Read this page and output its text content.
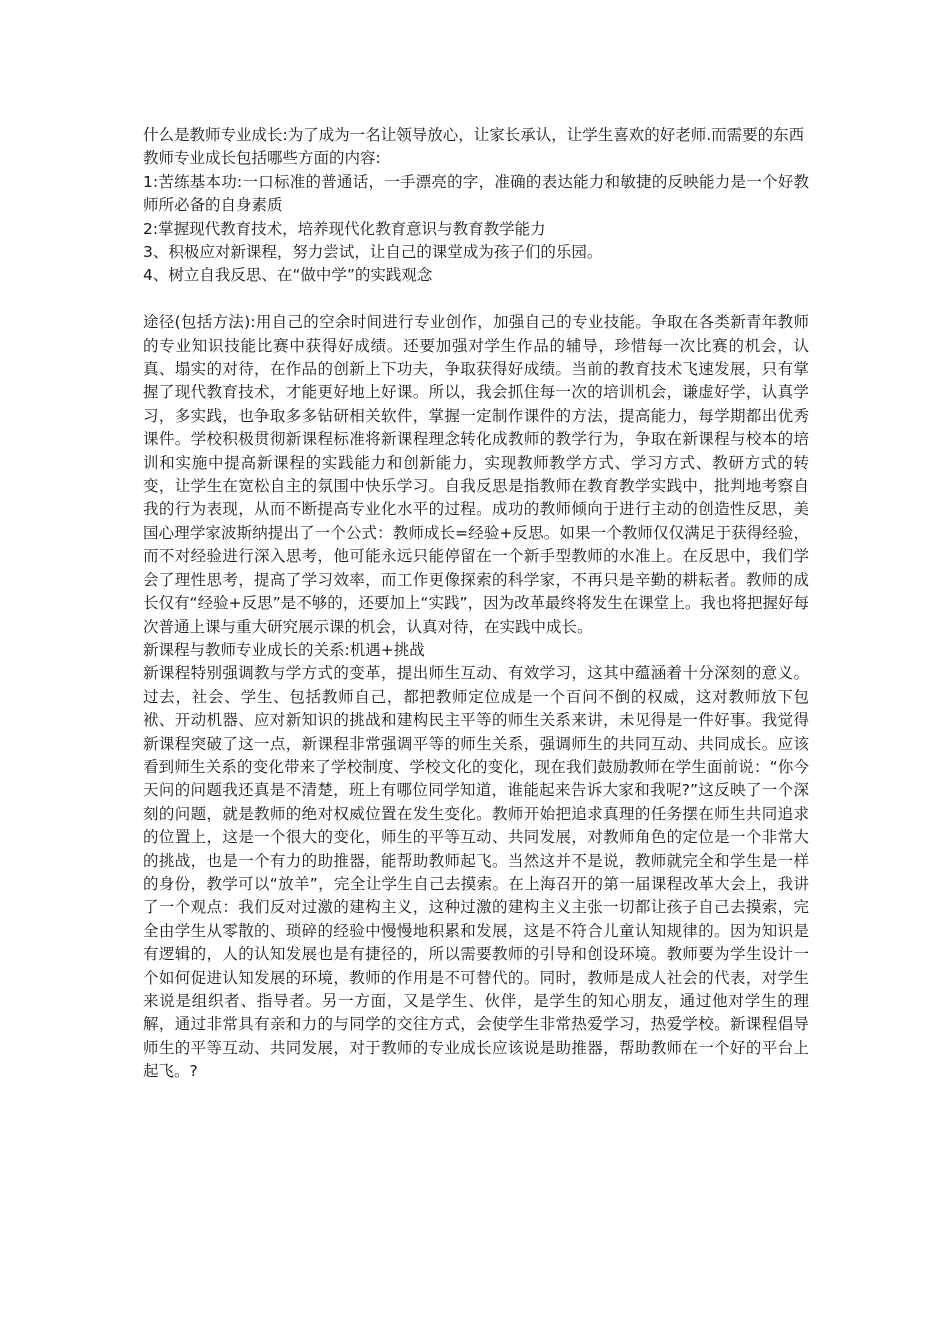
什么是教师专业成长:为了成为一名让领导放心，让家长承认，让学生喜欢的好老师.而需要的东西

教师专业成长包括哪些方面的内容:

1:苦练基本功:一口标准的普通话，一手漂亮的字，准确的表达能力和敏捷的反映能力是一个好教师所必备的自身素质

2:掌握现代教育技术，培养现代化教育意识与教育教学能力

3、积极应对新课程，努力尝试，让自己的课堂成为孩子们的乐园。

4、树立自我反思、在“做中学”的实践观念

途径(包括方法):用自己的空余时间进行专业创作，加强自己的专业技能。争取在各类新青年教师的专业知识技能比赛中获得好成绩。还要加强对学生作品的辅导，珍惜每一次比赛的机会，认真、塌实的对待，在作品的创新上下功夫，争取获得好成绩。当前的教育技术飞速发展，只有掌握了现代教育技术，才能更好地上好课。所以，我会抓住每一次的培训机会，谦虚好学，认真学习，多实践，也争取多多钻研相关软件，掌握一定制作课件的方法，提高能力，每学期都出优秀课件。学校积极贯彻新课程标准将新课程理念转化成教师的教学行为，争取在新课程与校本的培训和实施中提高新课程的实践能力和创新能力，实现教师教学方式、学习方式、教研方式的转变，让学生在宽松自主的氛围中快乐学习。自我反思是指教师在教育教学实践中，批判地考察自我的行为表现，从而不断提高专业化水平的过程。成功的教师倾向于进行主动的创造性反思，美国心理学家波斯纳提出了一个公式：教师成长=经验+反思。如果一个教师仅仅满足于获得经验，而不对经验进行深入思考，他可能永远只能停留在一个新手型教师的水准上。在反思中，我们学会了理性思考，提高了学习效率，而工作更像探索的科学家，不再只是辛勤的耕耘者。教师的成长仅有“经验+反思”是不够的，还要加上“实践”，因为改革最终将发生在课堂上。我也将把握好每次普通上课与重大研究展示课的机会，认真对待，在实践中成长。

新课程与教师专业成长的关系:机遇+挑战

新课程特别强调教与学方式的变革，提出师生互动、有效学习，这其中蕴涵着十分深刻的意义。过去，社会、学生、包括教师自己，都把教师定位成是一个百问不倒的权威，这对教师放下包袱、开动机器、应对新知识的挑战和建构民主平等的师生关系来讲，未见得是一件好事。我觉得新课程突破了这一点，新课程非常强调平等的师生关系，强调师生的共同互动、共同成长。应该看到师生关系的变化带来了学校制度、学校文化的变化，现在我们鼓励教师在学生面前说：“你今天问的问题我还真是不清楚，班上有哪位同学知道，谁能起来告诉大家和我呢?”这反映了一个深刻的问题，就是教师的绝对权威位置在发生变化。教师开始把追求真理的任务摆在师生共同追求的位置上，这是一个很大的变化，师生的平等互动、共同发展，对教师角色的定位是一个非常大的挑战，也是一个有力的助推器，能帮助教师起飞。当然这并不是说，教师就完全和学生是一样的身份，教学可以“放羊”，完全让学生自己去摸索。在上海召开的第一届课程改革大会上，我讲了一个观点：我们反对过激的建构主义，这种过激的建构主义主张一切都让孩子自己去摸索，完全由学生从零散的、琐碎的经验中慢慢地积累和发展，这是不符合儿童认知规律的。因为知识是有逻辑的，人的认知发展也是有捷径的，所以需要教师的引导和创设环境。教师要为学生设计一个如何促进认知发展的环境，教师的作用是不可替代的。同时，教师是成人社会的代表，对学生来说是组织者、指导者。另一方面，又是学生、伙伴，是学生的知心朋友，通过他对学生的理解，通过非常具有亲和力的与同学的交往方式，会使学生非常热爱学习，热爱学校。新课程倡导师生的平等互动、共同发展，对于教师的专业成长应该说是助推器，帮助教师在一个好的平台上起飞。?
